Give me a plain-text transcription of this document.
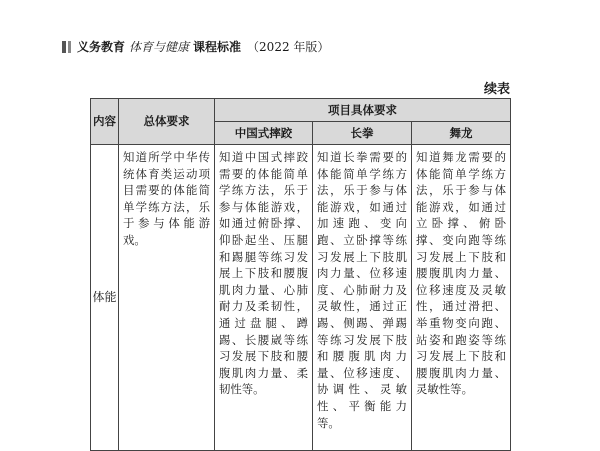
义务教育 体育与健康 课程标准 （2022 年版）
续表
内容	总体要求	项目具体要求		
		中国式摔跤	长拳	舞龙
体能	知道所学中华传统体育类运动项目需要的体能简单学练方法，乐于参与体能游戏。	知道中国式摔跤需要的体能简单学练方法，乐于参与体能游戏，如通过俯卧撑、仰卧起坐、压腿和踢腿等练习发展上下肢和腰腹肌肉力量、心肺耐力及柔韧性，通过盘腿、蹲踢、长腰崴等练习发展下肢和腰腹肌肉力量、柔韧性等。	知道长拳需要的体能简单学练方法，乐于参与体能游戏，如通过加速跑、变向跑、立卧撑等练习发展上下肢肌肉力量、位移速度、心肺耐力及灵敏性，通过正踢、侧踢、弹踢等练习发展下肢和腰腹肌肉力量、位移速度、协调性、灵敏性、平衡能力等。	知道舞龙需要的体能简单学练方法，乐于参与体能游戏，如通过立卧撑、俯卧撑、变向跑等练习发展上下肢和腰腹肌肉力量、位移速度及灵敏性，通过滑把、举重物变向跑、站姿和跑姿等练习发展上下肢和腰腹肌肉力量、灵敏性等。
